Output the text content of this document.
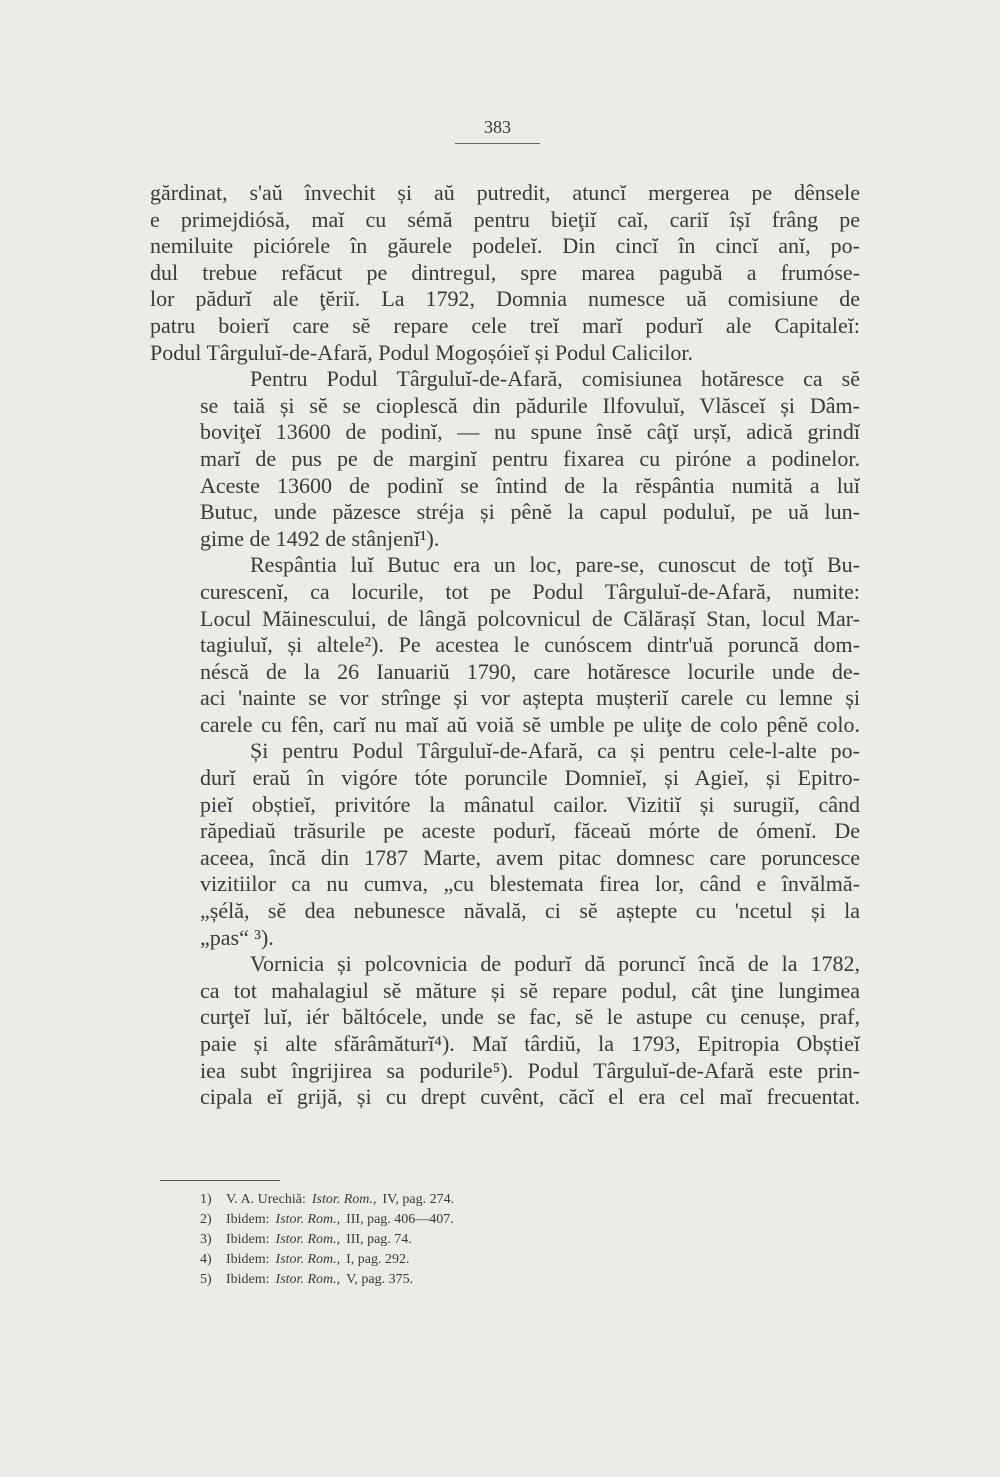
383
gărdinat, s'aŭ învechit și aŭ putredit, atuncĭ mergerea pe dênsele
e primejdiósă, maĭ cu sémă pentru bieţiĭ caĭ, cariĭ îșĭ frâng pe
nemiluite piciórele în găurele podeleĭ. Din cincĭ în cincĭ anĭ, po-
dul trebue refăcut pe dintregul, spre marea pagubă a frumóse-
lor pădurĭ ale ţĕriĭ. La 1792, Domnia numesce uă comisiune de
patru boierĭ care sĕ repare cele treĭ marĭ podurĭ ale Capitaleĭ:
Podul Târguluĭ-de-Afară, Podul Mogoșóieĭ și Podul Calicilor.
Pentru Podul Târguluĭ-de-Afară, comisiunea hotăresce ca sĕ
se taiă și sĕ se cioplescă din pădurile Ilfovuluĭ, Vlăsceĭ și Dâm-
boviţeĭ 13600 de podinĭ, — nu spune însĕ câţĭ urșĭ, adică grindĭ
marĭ de pus pe de marginĭ pentru fixarea cu piróne a podinelor.
Aceste 13600 de podinĭ se întind de la rĕspântia numită a luĭ
Butuc, unde păzesce stréja și pênĕ la capul poduluĭ, pe uă lun-
gime de 1492 de stânjenĭ¹).
Respântia luĭ Butuc era un loc, pare-se, cunoscut de toţĭ Bu-
curescenĭ, ca locurile, tot pe Podul Târguluĭ-de-Afară, numite:
Locul Măinescului, de lângă polcovnicul de Călărașĭ Stan, locul Mar-
tagiuluĭ, și altele²). Pe acestea le cunóscem dintr'uă poruncă dom-
néscă de la 26 Ianuariŭ 1790, care hotăresce locurile unde de-
aci 'nainte se vor strînge și vor aștepta mușteriĭ carele cu lemne și
carele cu fên, carĭ nu maĭ aŭ voiă sĕ umble pe uliţe de colo pênĕ colo.
Și pentru Podul Târguluĭ-de-Afară, ca și pentru cele-l-alte po-
durĭ eraŭ în vigóre tóte poruncile Domnieĭ, și Agieĭ, și Epitro-
pieĭ obștieĭ, privitóre la mânatul cailor. Vizitiĭ și surugiĭ, când
răpediaŭ trăsurile pe aceste podurĭ, făceaŭ mórte de ómenĭ. De
aceea, încă din 1787 Marte, avem pitac domnesc care poruncesce
vizitiilor ca nu cumva, „cu blestemata firea lor, când e învălmă-
„șélă, sĕ dea nebunesce năvală, ci sĕ aștepte cu 'ncetul și la
„pas“ ³).
Vornicia și polcovnicia de podurĭ dă poruncĭ încă de la 1782,
ca tot mahalagiul sĕ măture și sĕ repare podul, cât ţine lungimea
curţeĭ luĭ, iér băltócele, unde se fac, sĕ le astupe cu cenușe, praf,
paie și alte sfărâmăturĭ⁴). Maĭ târdiŭ, la 1793, Epitropia Obștieĭ
iea subt îngrijirea sa podurile⁵). Podul Târguluĭ-de-Afară este prin-
cipala eĭ grijă, și cu drept cuvênt, căcĭ el era cel maĭ frecuentat.
1)	V. A. Urechiă: Istor. Rom., IV, pag. 274.
2)	Ibidem: Istor. Rom., III, pag. 406—407.
3)	Ibidem: Istor. Rom., III, pag. 74.
4)	Ibidem: Istor. Rom., I, pag. 292.
5)	Ibidem: Istor. Rom., V, pag. 375.
